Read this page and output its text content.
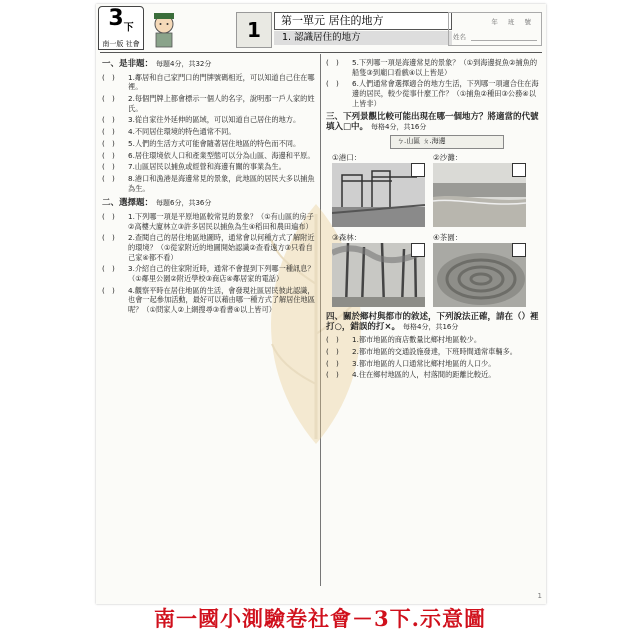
$3_下$
南一版 社會
1	第一單元 居住的地方
1. 認識居住的地方
年 班 號
姓名
一、是非題： 每題4分，共32分
(　)	1.鄰居和自己家門口的門牌號碼相近，可以知道自己住在哪裡。
(　)	2.每個門牌上都會標示一個人的名字，說明那一戶人家的姓氏。
(　)	3.從自家往外延伸的區域，可以知道自己居住的地方。
(　)	4.不同居住環境的特色通常不同。
(　)	5.人們的生活方式可能會隨著居住地區的特色而不同。
(　)	6.居住環境依人口和產業型態可以分為山區、海邊和平原。
(　)	7.山區居民以捕魚或經營和海邊有關的事業為生。
(　)	8.港口和漁港是海邊常見的景象，此地區的居民大多以捕魚為生。
二、選擇題： 每題6分，共36分
(　)	1.下列哪一項是平原地區較常見的景象？（①有山區的房子②高樓大廈林立③許多居民以捕魚為生④稻田和農田遍布）
(　)	2.查閱自己的居住地區地圖時，通常會以何種方式了解附近的環境？（①從家附近的地圖開始認識②查看遠方③只看自己家④都不看）
(　)	3.介紹自己的住家附近時，通常不會提到下列哪一種訊息？（①鄰里公園②附近學校③商店④鄰居家的電話）
(　)	4.觀察平時在居住地區的生活，會發現社區居民彼此認識，也會一起參加活動，最好可以藉由哪一種方式了解居住地區呢？（①問家人②上網搜尋③看書④以上皆可）
(　)	5.下列哪一項是海邊常見的景象？（①到海邊捉魚②捕魚的船隻③到廟口看戲④以上皆是）
(　)	6.人們通常會選擇適合的地方生活，下列哪一項適合住在海邊的居民，較少從事什麼工作？（①捕魚②種田③公務④以上皆非）
三、下列景觀比較可能出現在哪一個地方？將適當的代號填入□中。 每格4分，共16分
ㄅ.山區 ㄆ.海邊
①港口：	②沙灘：
③森林：	④茶園：
四、關於鄉村與都市的敘述，下列說法正確，請在（）裡打○，錯誤的打×。 每格4分，共16分
(　)	1.都市地區的商店數量比鄉村地區較少。
(　)	2.都市地區的交通設施發達，下班時間通常車輛多。
(　)	3.都市地區的人口通常比鄉村地區的人口少。
(　)	4.住在鄉村地區的人，村落間的距離比較近。
1
南一國小測驗卷社會－3下.示意圖
